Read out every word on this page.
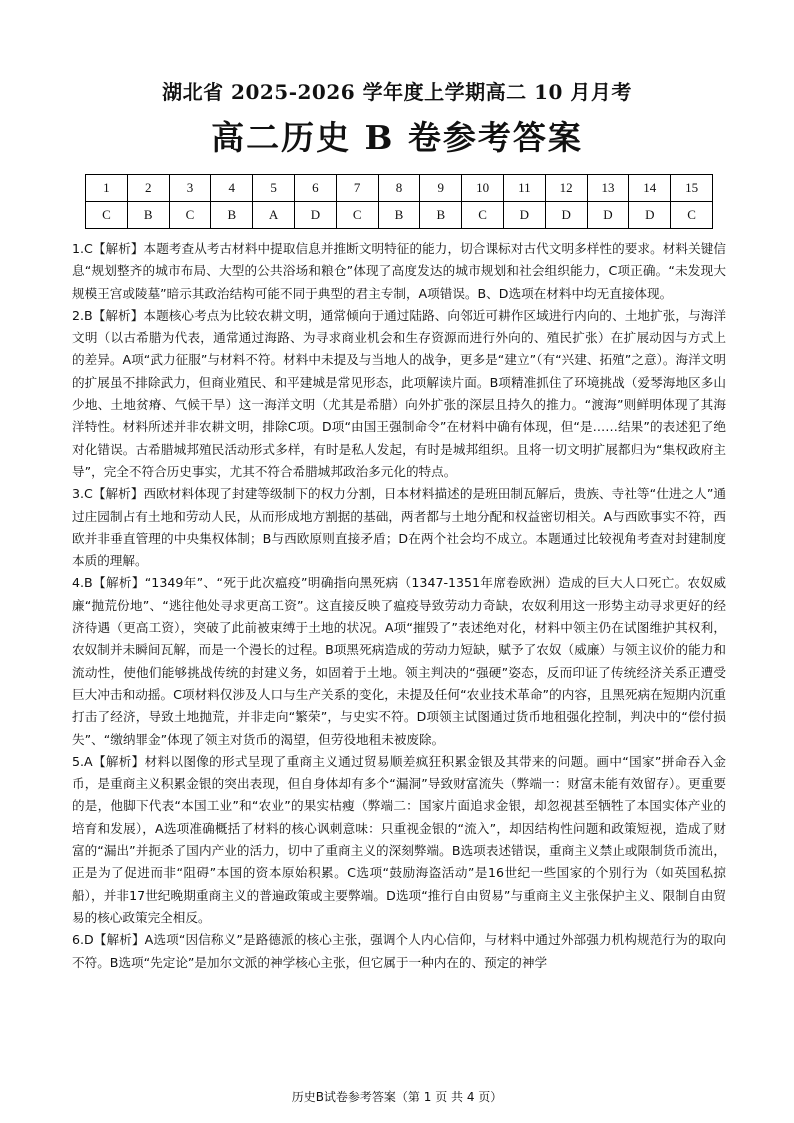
湖北省 2025-2026 学年度上学期高二 10 月月考
高二历史 B 卷参考答案
1	2	3	4	5	6	7	8	9	10	11	12	13	14	15
C	B	C	B	A	D	C	B	B	C	D	D	D	D	C

1.C【解析】本题考查从考古材料中提取信息并推断文明特征的能力，切合课标对古代文明多样性的要求。材料关键信息“规划整齐的城市布局、大型的公共浴场和粮仓”体现了高度发达的城市规划和社会组织能力，C项正确。“未发现大规模王宫或陵墓”暗示其政治结构可能不同于典型的君主专制，A项错误。B、D选项在材料中均无直接体现。

2.B【解析】本题核心考点为比较农耕文明，通常倾向于通过陆路、向邻近可耕作区域进行内向的、土地扩张，与海洋文明（以古希腊为代表，通常通过海路、为寻求商业机会和生存资源而进行外向的、殖民扩张）在扩展动因与方式上的差异。A项“武力征服”与材料不符。材料中未提及与当地人的战争，更多是“建立”（有“兴建、拓殖”之意）。海洋文明的扩展虽不排除武力，但商业殖民、和平建城是常见形态，此项解读片面。B项精准抓住了环境挑战（爱琴海地区多山少地、土地贫瘠、气候干旱）这一海洋文明（尤其是希腊）向外扩张的深层且持久的推力。“渡海”则鲜明体现了其海洋特性。材料所述并非农耕文明，排除C项。D项“由国王强制命令”在材料中确有体现，但“是……结果”的表述犯了绝对化错误。古希腊城邦殖民活动形式多样，有时是私人发起，有时是城邦组织。且将一切文明扩展都归为“集权政府主导”，完全不符合历史事实，尤其不符合希腊城邦政治多元化的特点。

3.C【解析】西欧材料体现了封建等级制下的权力分割，日本材料描述的是班田制瓦解后，贵族、寺社等“仕进之人”通过庄园制占有土地和劳动人民，从而形成地方割据的基础，两者都与土地分配和权益密切相关。A与西欧事实不符，西欧并非垂直管理的中央集权体制；B与西欧原则直接矛盾；D在两个社会均不成立。本题通过比较视角考查对封建制度本质的理解。

4.B【解析】“1349年”、“死于此次瘟疫”明确指向黑死病（1347-1351年席卷欧洲）造成的巨大人口死亡。农奴威廉“抛荒份地”、“逃往他处寻求更高工资”。这直接反映了瘟疫导致劳动力奇缺，农奴利用这一形势主动寻求更好的经济待遇（更高工资），突破了此前被束缚于土地的状况。A项“摧毁了”表述绝对化，材料中领主仍在试图维护其权利，农奴制并未瞬间瓦解，而是一个漫长的过程。B项黑死病造成的劳动力短缺，赋予了农奴（威廉）与领主议价的能力和流动性，使他们能够挑战传统的封建义务，如固着于土地。领主判决的“强硬”姿态，反而印证了传统经济关系正遭受巨大冲击和动摇。C项材料仅涉及人口与生产关系的变化，未提及任何“农业技术革命”的内容，且黑死病在短期内沉重打击了经济，导致土地抛荒，并非走向“繁荣”，与史实不符。D项领主试图通过货币地租强化控制，判决中的“偿付损失”、“缴纳罪金”体现了领主对货币的渴望，但劳役地租未被废除。

5.A【解析】材料以图像的形式呈现了重商主义通过贸易顺差疯狂积累金银及其带来的问题。画中“国家”拼命吞入金币，是重商主义积累金银的突出表现，但自身体却有多个“漏洞”导致财富流失（弊端一：财富未能有效留存）。更重要的是，他脚下代表“本国工业”和“农业”的果实枯瘦（弊端二：国家片面追求金银，却忽视甚至牺牲了本国实体产业的培育和发展），A选项准确概括了材料的核心讽刺意味：只重视金银的“流入”，却因结构性问题和政策短视，造成了财富的“漏出”并扼杀了国内产业的活力，切中了重商主义的深刻弊端。B选项表述错误，重商主义禁止或限制货币流出，正是为了促进而非“阻碍”本国的资本原始积累。C选项“鼓励海盗活动”是16世纪一些国家的个别行为（如英国私掠船），并非17世纪晚期重商主义的普遍政策或主要弊端。D选项“推行自由贸易”与重商主义主张保护主义、限制自由贸易的核心政策完全相反。

6.D【解析】A选项“因信称义”是路德派的核心主张，强调个人内心信仰，与材料中通过外部强力机构规范行为的取向不符。B选项“先定论”是加尔文派的神学核心主张，但它属于一种内在的、预定的神学

历史B试卷参考答案（第 1 页 共 4 页）
